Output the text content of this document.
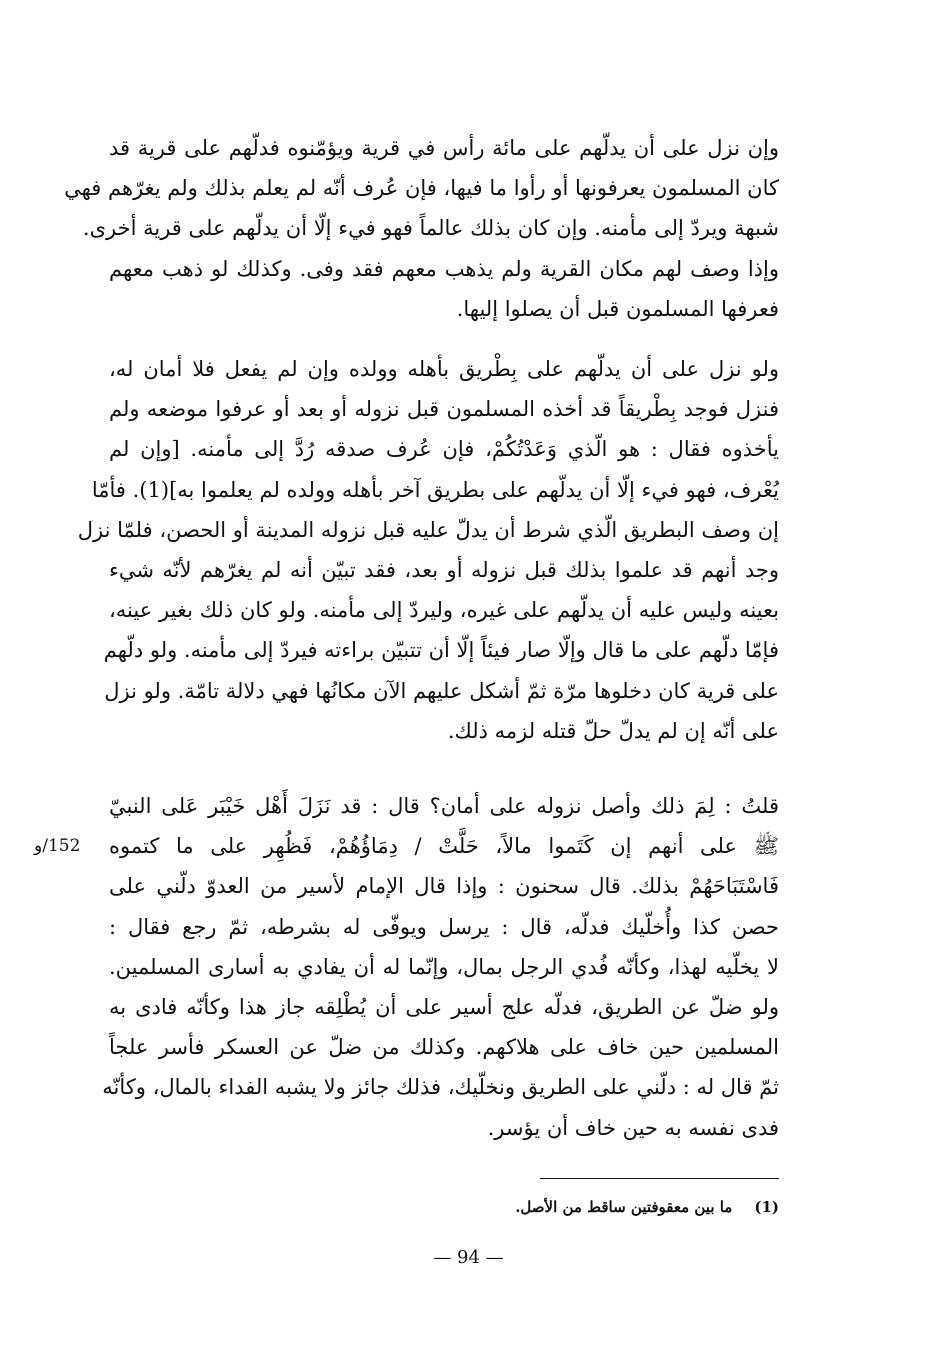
وإن نزل على أن يدلّهم على مائة رأس في قرية ويؤمّنوه فدلّهم على قرية قد
كان المسلمون يعرفونها أو رأوا ما فيها، فإن عُرف أنّه لم يعلم بذلك ولم يغرّهم فهي
شبهة ويردّ إلى مأمنه. وإن كان بذلك عالماً فهو فيء إلّا أن يدلّهم على قرية أخرى.
وإذا وصف لهم مكان القرية ولم يذهب معهم فقد وفى. وكذلك لو ذهب معهم
فعرفها المسلمون قبل أن يصلوا إليها.
ولو نزل على أن يدلّهم على بِطْريق بأهله وولده وإن لم يفعل فلا أمان له،
فنزل فوجد بِطْريقاً قد أخذه المسلمون قبل نزوله أو بعد أو عرفوا موضعه ولم
يأخذوه فقال : هو الّذي وَعَدْتُكُمْ، فإن عُرف صدقه رُدَّ إلى مأمنه. [وإن لم
يُعْرف، فهو فيء إلّا أن يدلّهم على بطريق آخر بأهله وولده لم يعلموا به](1). فأمّا
إن وصف البطريق الّذي شرط أن يدلّ عليه قبل نزوله المدينة أو الحصن، فلمّا نزل
وجد أنهم قد علموا بذلك قبل نزوله أو بعد، فقد تبيّن أنه لم يغرّهم لأنّه شيء
بعينه وليس عليه أن يدلّهم على غيره، وليردّ إلى مأمنه. ولو كان ذلك بغير عينه،
فإمّا دلّهم على ما قال وإلّا صار فيئاً إلّا أن تتبيّن براءته فيردّ إلى مأمنه. ولو دلّهم
على قرية كان دخلوها مرّة ثمّ أشكل عليهم الآن مكانُها فهي دلالة تامّة. ولو نزل
على أنّه إن لم يدلّ حلّ قتله لزمه ذلك.
قلتُ : لِمَ ذلك وأصل نزوله على أمان؟ قال : قد نَزَلَ أَهْل خَيْبَر عَلى النبيّ
ﷺ على أنهم إن كَتَموا مالاً، حَلَّتْ / دِمَاؤُهُمْ، فَظُهِر على ما كتموه
فَاسْتَبَاحَهُمْ بذلك. قال سحنون : وإذا قال الإمام لأسير من العدوّ دلّني على
حصن كذا وأُخلّيك فدلّه، قال : يرسل ويوفّى له بشرطه، ثمّ رجع فقال :
لا يخلّيه لهذا، وكأنّه فُدي الرجل بمال، وإنّما له أن يفادي به أسارى المسلمين.
ولو ضلّ عن الطريق، فدلّه علج أسير على أن يُطْلِقه جاز هذا وكأنّه فادى به
المسلمين حين خاف على هلاكهم. وكذلك من ضلّ عن العسكر فأسر علجاً
ثمّ قال له : دلّني على الطريق ونخلّيك، فذلك جائز ولا يشبه الفداء بالمال، وكأنّه
فدى نفسه به حين خاف أن يؤسر.
152/و
(1)ما بين معقوفتين ساقط من الأصل.
— 94 —
